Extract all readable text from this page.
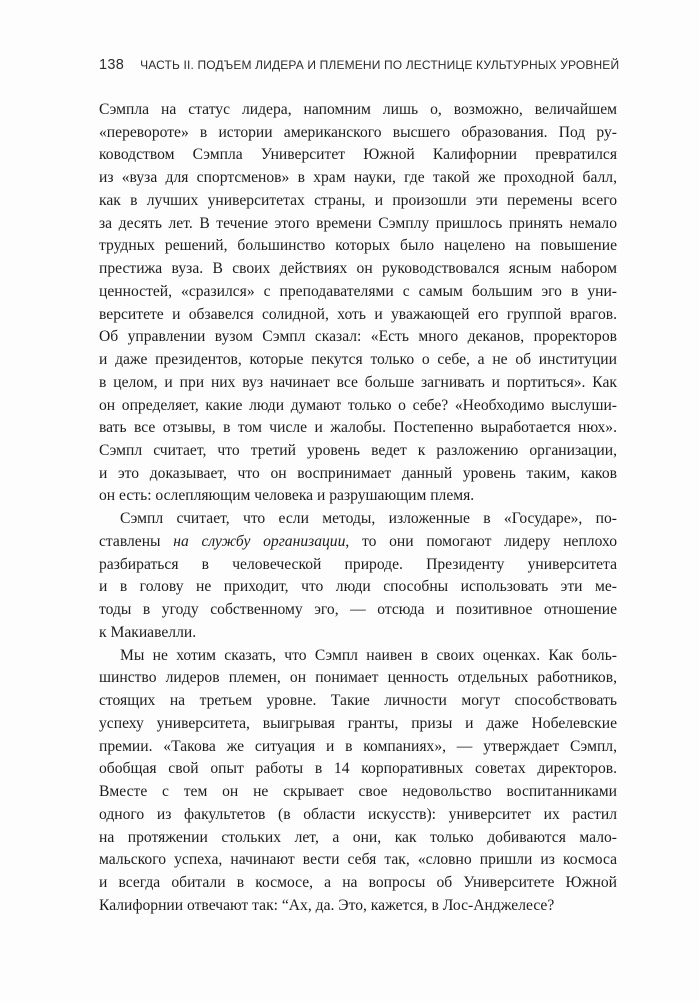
138 ЧАСТЬ II. ПОДЪЕМ ЛИДЕРА И ПЛЕМЕНИ ПО ЛЕСТНИЦЕ КУЛЬТУРНЫХ УРОВНЕЙ
Сэмпла на статус лидера, напомним лишь о, возможно, величайшем
«перевороте» в истории американского высшего образования. Под ру-
ководством Сэмпла Университет Южной Калифорнии превратился
из «вуза для спортсменов» в храм науки, где такой же проходной балл,
как в лучших университетах страны, и произошли эти перемены всего
за десять лет. В течение этого времени Сэмплу пришлось принять немало
трудных решений, большинство которых было нацелено на повышение
престижа вуза. В своих действиях он руководствовался ясным набором
ценностей, «сразился» с преподавателями с самым большим эго в уни-
верситете и обзавелся солидной, хоть и уважающей его группой врагов.
Об управлении вузом Сэмпл сказал: «Есть много деканов, проректоров
и даже президентов, которые пекутся только о себе, а не об институции
в целом, и при них вуз начинает все больше загнивать и портиться». Как
он определяет, какие люди думают только о себе? «Необходимо выслуши-
вать все отзывы, в том числе и жалобы. Постепенно выработается нюх».
Сэмпл считает, что третий уровень ведет к разложению организации,
и это доказывает, что он воспринимает данный уровень таким, каков
он есть: ослепляющим человека и разрушающим племя.
Сэмпл считает, что если методы, изложенные в «Государе», по-
ставлены на службу организации, то они помогают лидеру неплохо
разбираться в человеческой природе. Президенту университета
и в голову не приходит, что люди способны использовать эти ме-
тоды в угоду собственному эго, — отсюда и позитивное отношение
к Макиавелли.
Мы не хотим сказать, что Сэмпл наивен в своих оценках. Как боль-
шинство лидеров племен, он понимает ценность отдельных работников,
стоящих на третьем уровне. Такие личности могут способствовать
успеху университета, выигрывая гранты, призы и даже Нобелевские
премии. «Такова же ситуация и в компаниях», — утверждает Сэмпл,
обобщая свой опыт работы в 14 корпоративных советах директоров.
Вместе с тем он не скрывает свое недовольство воспитанниками
одного из факультетов (в области искусств): университет их растил
на протяжении стольких лет, а они, как только добиваются мало-
мальского успеха, начинают вести себя так, «словно пришли из космоса
и всегда обитали в космосе, а на вопросы об Университете Южной
Калифорнии отвечают так: “Ах, да. Это, кажется, в Лос-Анджелесе?
